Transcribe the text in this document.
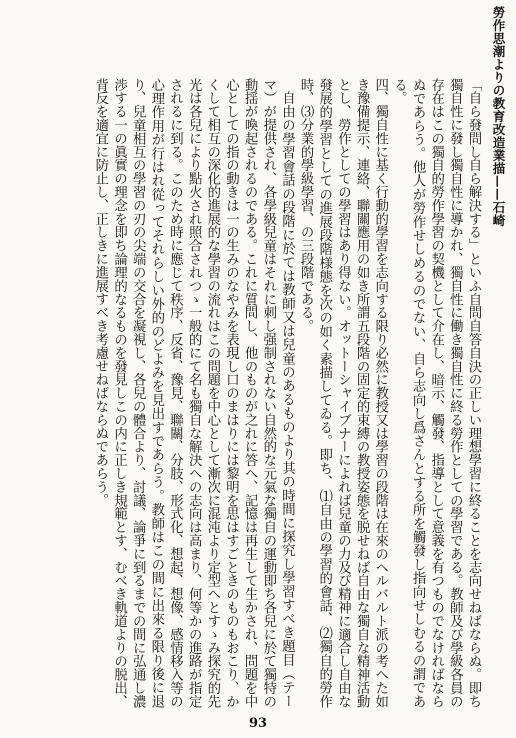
勞作思潮よりの教育改造業描——石崎

「自ら發問し自ら解決する」といふ自問自答自決の正しい理想學習に終ることを志向せねばならぬ。即ち獨自性に發し獨自性に導かれ、獨自性に働き獨自性に終る勞作としての學習である。教師及び學級各員の存在はこの獨自的勞作學習の契機として介在し、暗示、觸發、指導として意義を有つものでなければならぬであらう。他人が勞作せしめるのでない、自ら志向し爲さんとする所を觸發し指向せしむるの謂である。

四、獨自性に基く行動的學習を志向する限り必然に教授又は學習の段階は在來のヘルバルト派の考へた如き豫備提示、連絡、聯關應用の如き所謂五段階の固定的束縛の教授姿態を脱せねば自由な獨自な精神活動とし、勞作としての學習はあり得ない。オットーシャイブナーによれば兒童の力及び精神に適合し自由な發展的學習としての進展段階様態を次の如く素描してゐる。即ち、⑴自由の學習的會話、⑵獨自的勞作時、⑶分業的學級學習、の三段階である。

自由の學習會話の段階に於ては教師又は兒童のあるものより其の時間に探究し學習すべき題目（テーマ）が提供され、各學級兒童はそれに刺し强制されない自然的な元氣な獨自の運動即ち各兒に於て獨特の動揺が喚起されるのである。これに質問し、他のものが之れに答へ、記憶は再生して生かされ、問題を中心としての指の動きは一の生みのなやみを表現し口のまはりには黎明を思はすごときのものもおこり、かくして相互の深化的進展的な學習の流れはこの問題を中心として漸次に混沌より定型へとすゝみ探究的先光は各兒により點火され照合されつゝ一般的にて名も獨自な解決への志向は高まり、何等かの進路が指定されるに到る。このため時に應じて秩序、反省、豫見、聯關、分肢、形式化、想起、想像、感情移入等の心理作用が行はれ從ってそれらしい外的のどよみを見出すであらう。教師はこの間に出來る限り後に退り、兒童相互の學習の刃の尖端の交合を凝視し、各兒の體合より、討議、論爭に到るまでの間に弘通し濃渉する一の眞實の理念を即ち論理的なるものを發見しこの内に正しき規範とす、むべき軌道よりの脱出、背反を適宜に防止し、正しきに進展すべき考慮せねばならぬであらう。

93
